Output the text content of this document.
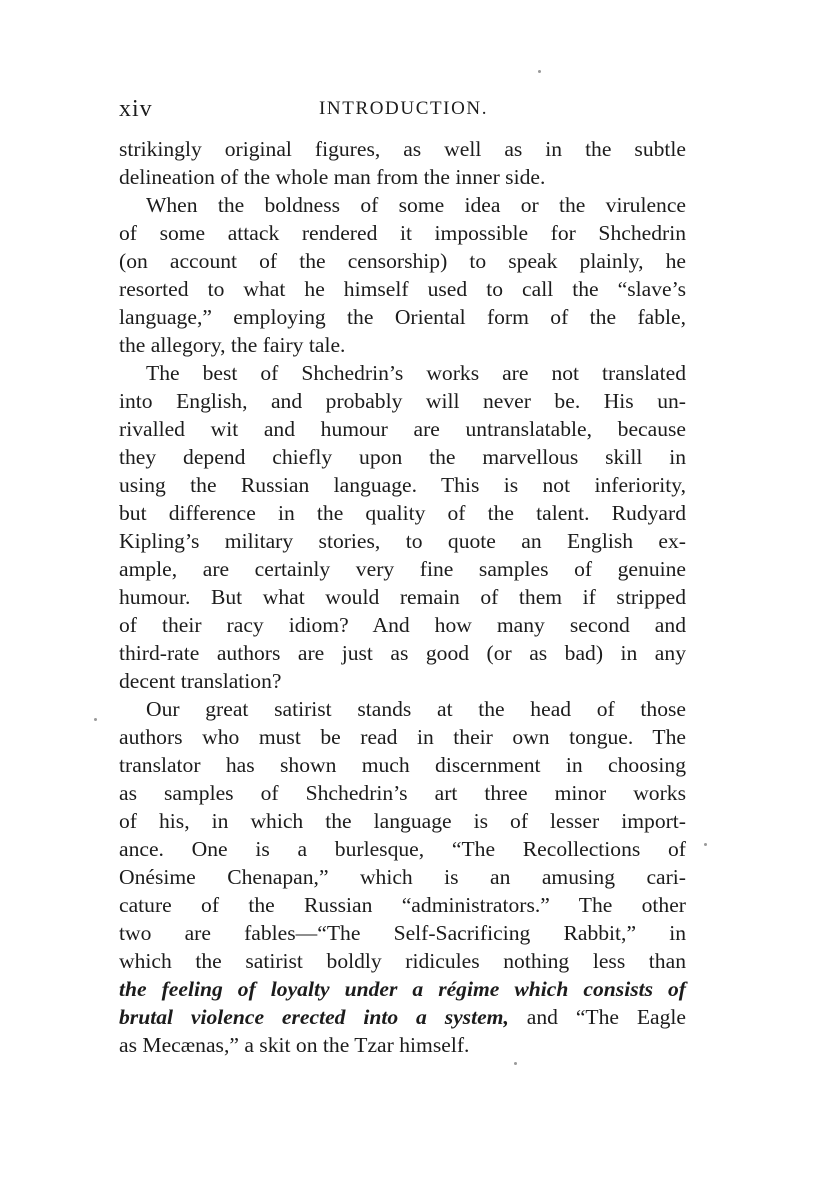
xiv	INTRODUCTION.
strikingly original figures, as well as in the subtle
delineation of the whole man from the inner side.
When the boldness of some idea or the virulence
of some attack rendered it impossible for Shchedrin
(on account of the censorship) to speak plainly, he
resorted to what he himself used to call the “slave’s
language,” employing the Oriental form of the fable,
the allegory, the fairy tale.
The best of Shchedrin’s works are not translated
into English, and probably will never be. His un-
rivalled wit and humour are untranslatable, because
they depend chiefly upon the marvellous skill in
using the Russian language. This is not inferiority,
but difference in the quality of the talent. Rudyard
Kipling’s military stories, to quote an English ex-
ample, are certainly very fine samples of genuine
humour. But what would remain of them if stripped
of their racy idiom? And how many second and
third-rate authors are just as good (or as bad) in any
decent translation?
Our great satirist stands at the head of those
authors who must be read in their own tongue. The
translator has shown much discernment in choosing
as samples of Shchedrin’s art three minor works
of his, in which the language is of lesser import-
ance. One is a burlesque, “The Recollections of
Onésime Chenapan,” which is an amusing cari-
cature of the Russian “administrators.” The other
two are fables—“The Self-Sacrificing Rabbit,” in
which the satirist boldly ridicules nothing less than
the feeling of loyalty under a régime which consists of
brutal violence erected into a system, and “The Eagle
as Mecænas,” a skit on the Tzar himself.
